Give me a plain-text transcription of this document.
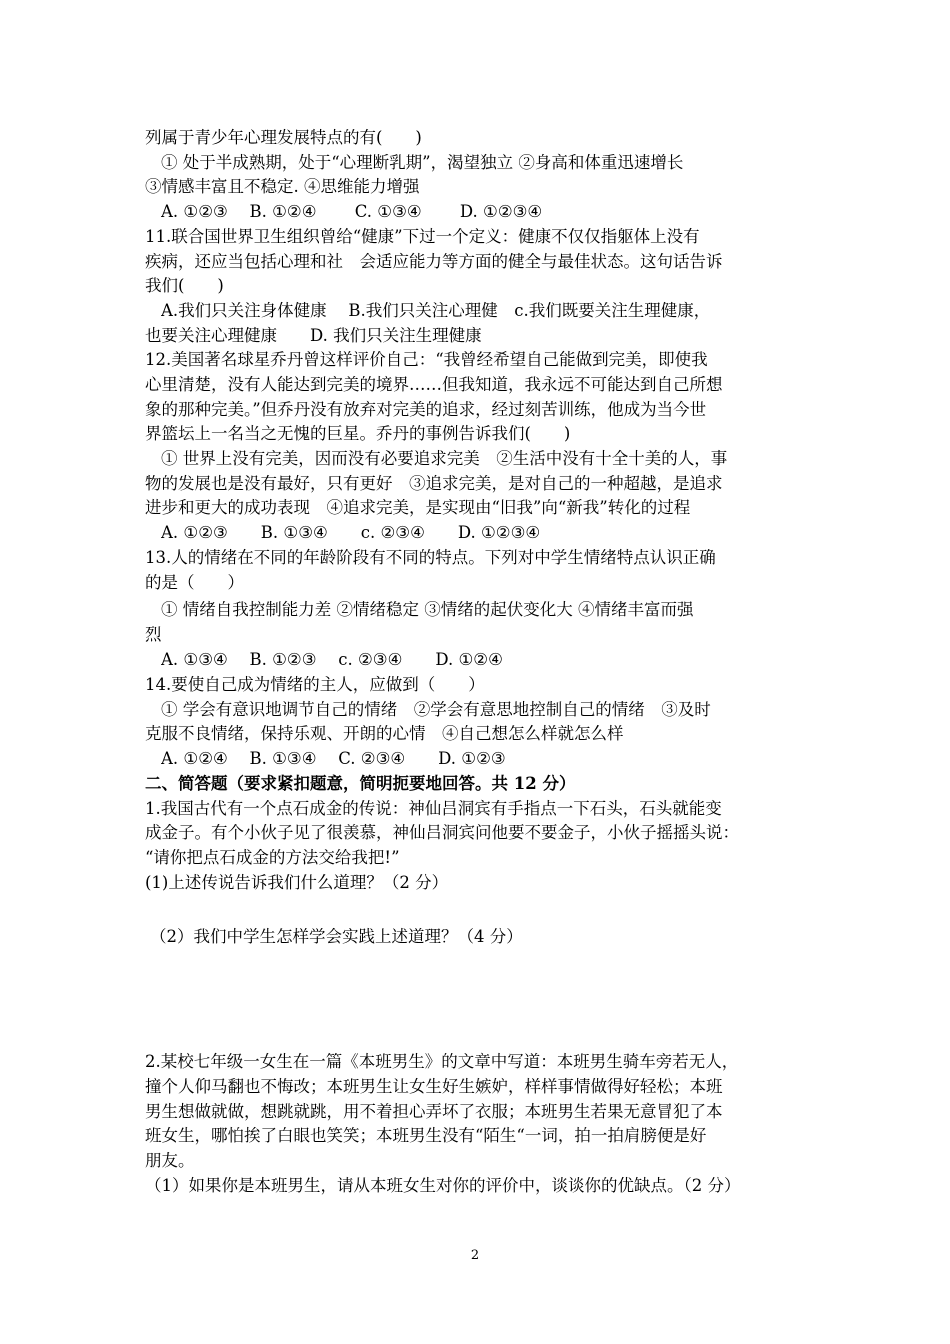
列属于青少年心理发展特点的有(　　)
① 处于半成熟期，处于“心理断乳期”，渴望独立 ②身高和体重迅速增长
③情感丰富且不稳定. ④思维能力增强
A. ①②③　 B. ①②④　　 C. ①③④　　 D. ①②③④
11.联合国世界卫生组织曾给“健康”下过一个定义：健康不仅仅指躯体上没有
疾病，还应当包括心理和社　会适应能力等方面的健全与最佳状态。这句话告诉
我们(　　)
A.我们只关注身体健康　 B.我们只关注心理健　c.我们既要关注生理健康，
也要关注心理健康　　D. 我们只关注生理健康
12.美国著名球星乔丹曾这样评价自己：“我曾经希望自己能做到完美，即使我
心里清楚，没有人能达到完美的境界……但我知道，我永远不可能达到自己所想
象的那种完美。”但乔丹没有放弃对完美的追求，经过刻苦训练，他成为当今世
界篮坛上一名当之无愧的巨星。乔丹的事例告诉我们(　　)
① 世界上没有完美，因而没有必要追求完美　②生活中没有十全十美的人，事
物的发展也是没有最好，只有更好　③追求完美，是对自己的一种超越，是追求
进步和更大的成功表现　④追求完美，是实现由“旧我”向“新我”转化的过程
A. ①②③　　B. ①③④　　c. ②③④　　D. ①②③④
13.人的情绪在不同的年龄阶段有不同的特点。下列对中学生情绪特点认识正确
的是（　　）
① 情绪自我控制能力差 ②情绪稳定 ③情绪的起伏变化大 ④情绪丰富而强
烈
A. ①③④　 B. ①②③　 c. ②③④　　D. ①②④
14.要使自己成为情绪的主人，应做到（　　）
① 学会有意识地调节自己的情绪　②学会有意思地控制自己的情绪　③及时
克服不良情绪，保持乐观、开朗的心情　④自己想怎么样就怎么样
A. ①②④　 B. ①③④　 C. ②③④　　D. ①②③
二、简答题（要求紧扣题意，简明扼要地回答。共 12 分）
1.我国古代有一个点石成金的传说：神仙吕洞宾有手指点一下石头，石头就能变
成金子。有个小伙子见了很羡慕，神仙吕洞宾问他要不要金子，小伙子摇摇头说：
“请你把点石成金的方法交给我把!”
(1)上述传说告诉我们什么道理？（2 分）
（2）我们中学生怎样学会实践上述道理？（4 分）
2.某校七年级一女生在一篇《本班男生》的文章中写道：本班男生骑车旁若无人，
撞个人仰马翻也不悔改；本班男生让女生好生嫉妒，样样事情做得好轻松；本班
男生想做就做，想跳就跳，用不着担心弄坏了衣服；本班男生若果无意冒犯了本
班女生，哪怕挨了白眼也笑笑；本班男生没有“陌生“一词，拍一拍肩膀便是好
朋友。
（1）如果你是本班男生，请从本班女生对你的评价中，谈谈你的优缺点。（2 分）
2
